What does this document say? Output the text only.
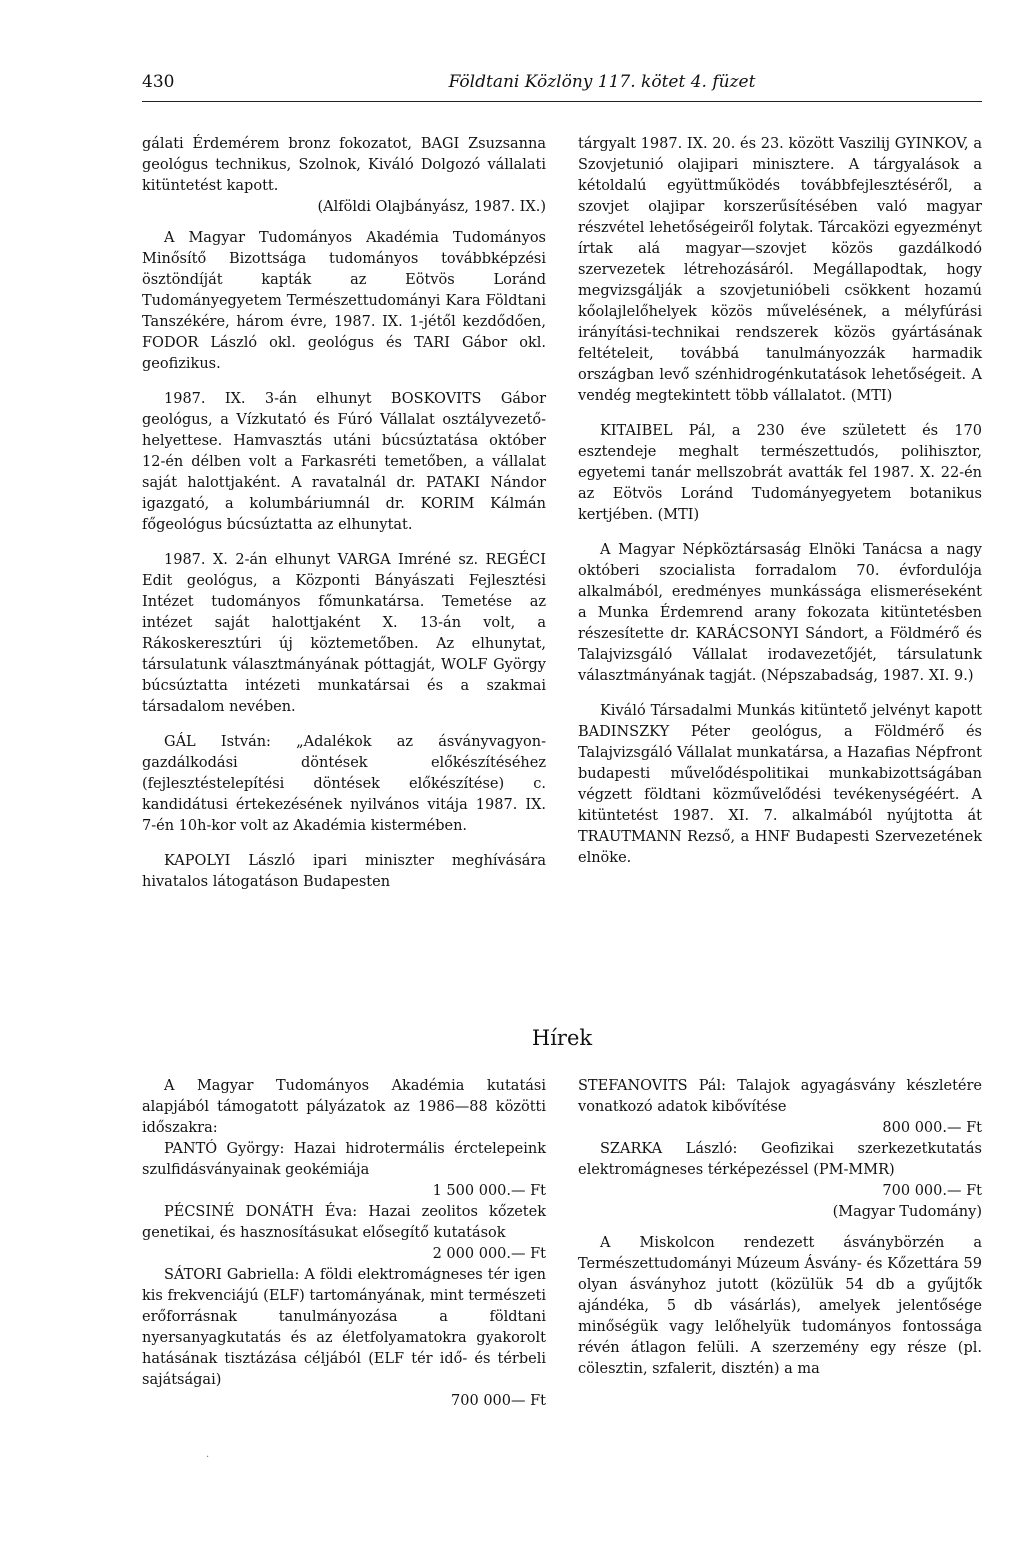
430	Földtani Közlöny 117. kötet 4. füzet

gálati Érdemérem bronz fokozatot, BAGI Zsuzsanna geológus technikus, Szolnok, Kiváló Dolgozó vállalati kitüntetést kapott.

(Alföldi Olajbányász, 1987. IX.)

A Magyar Tudományos Akadémia Tudományos Minősítő Bizottsága tudományos továbbképzési ösztöndíját kapták az Eötvös Loránd Tudományegyetem Természettudományi Kara Földtani Tanszékére, három évre, 1987. IX. 1-jétől kezdődően, FODOR László okl. geológus és TARI Gábor okl. geofizikus.

1987. IX. 3-án elhunyt BOSKOVITS Gábor geológus, a Vízkutató és Fúró Vállalat osztályvezető-helyettese. Hamvasztás utáni búcsúztatása október 12-én délben volt a Farkasréti temetőben, a vállalat saját halottjaként. A ravatalnál dr. PATAKI Nándor igazgató, a kolumbáriumnál dr. KORIM Kálmán főgeológus búcsúztatta az elhunytat.

1987. X. 2-án elhunyt VARGA Imréné sz. REGÉCI Edit geológus, a Központi Bányászati Fejlesztési Intézet tudományos főmunkatársa. Temetése az intézet saját halottjaként X. 13-án volt, a Rákoskeresztúri új köztemetőben. Az elhunytat, társulatunk választmányának póttagját, WOLF György búcsúztatta intézeti munkatársai és a szakmai társadalom nevében.

GÁL István: „Adalékok az ásványvagyon-gazdálkodási döntések előkészítéséhez (fejlesztéstelepítési döntések előkészítése) c. kandidátusi értekezésének nyilvános vitája 1987. IX. 7-én 10h-kor volt az Akadémia kistermében.

KAPOLYI László ipari miniszter meghívására hivatalos látogatáson Budapesten

tárgyalt 1987. IX. 20. és 23. között Vaszilij GYINKOV, a Szovjetunió olajipari minisztere. A tárgyalások a kétoldalú együttműködés továbbfejlesztéséről, a szovjet olajipar korszerűsítésében való magyar részvétel lehetőségeiről folytak. Tárcaközi egyezményt írtak alá magyar—szovjet közös gazdálkodó szervezetek létrehozásáról. Megállapodtak, hogy megvizsgálják a szovjetunióbeli csökkent hozamú kőolajlelőhelyek közös művelésének, a mélyfúrási irányítási-technikai rendszerek közös gyártásának feltételeit, továbbá tanulmányozzák harmadik országban levő szénhidrogénkutatások lehetőségeit. A vendég megtekintett több vállalatot. (MTI)

KITAIBEL Pál, a 230 éve született és 170 esztendeje meghalt természettudós, polihisztor, egyetemi tanár mellszobrát avatták fel 1987. X. 22-én az Eötvös Loránd Tudományegyetem botanikus kertjében. (MTI)

A Magyar Népköztársaság Elnöki Tanácsa a nagy októberi szocialista forradalom 70. évfordulója alkalmából, eredményes munkássága elismeréseként a Munka Érdemrend arany fokozata kitüntetésben részesítette dr. KARÁCSONYI Sándort, a Földmérő és Talajvizsgáló Vállalat irodavezetőjét, társulatunk választmányának tagját. (Népszabadság, 1987. XI. 9.)

Kiváló Társadalmi Munkás kitüntető jelvényt kapott BADINSZKY Péter geológus, a Földmérő és Talajvizsgáló Vállalat munkatársa, a Hazafias Népfront budapesti művelődéspolitikai munkabizottságában végzett földtani közművelődési tevékenységéért. A kitüntetést 1987. XI. 7. alkalmából nyújtotta át TRAUTMANN Rezső, a HNF Budapesti Szervezetének elnöke.

Hírek

A Magyar Tudományos Akadémia kutatási alapjából támogatott pályázatok az 1986—88 közötti időszakra:

PANTÓ György: Hazai hidrotermális érctelepeink szulfidásványainak geokémiája

1 500 000.— Ft

PÉCSINÉ DONÁTH Éva: Hazai zeolitos kőzetek genetikai, és hasznosításukat elősegítő kutatások

2 000 000.— Ft

SÁTORI Gabriella: A földi elektromágneses tér igen kis frekvenciájú (ELF) tartományának, mint természeti erőforrásnak tanulmányozása a földtani nyersanyagkutatás és az életfolyamatokra gyakorolt hatásának tisztázása céljából (ELF tér idő- és térbeli sajátságai)

700 000— Ft

STEFANOVITS Pál: Talajok agyagásvány készletére vonatkozó adatok kibővítése

800 000.— Ft

SZARKA László: Geofizikai szerkezetkutatás elektromágneses térképezéssel (PM-MMR)

700 000.— Ft

(Magyar Tudomány)

A Miskolcon rendezett ásványbörzén a Természettudományi Múzeum Ásvány- és Kőzettára 59 olyan ásványhoz jutott (közülük 54 db a gyűjtők ajándéka, 5 db vásárlás), amelyek jelentősége minőségük vagy lelőhelyük tudományos fontossága révén átlagon felüli. A szerzemény egy része (pl. cölesztin, szfalerit, disztén) a ma

·
